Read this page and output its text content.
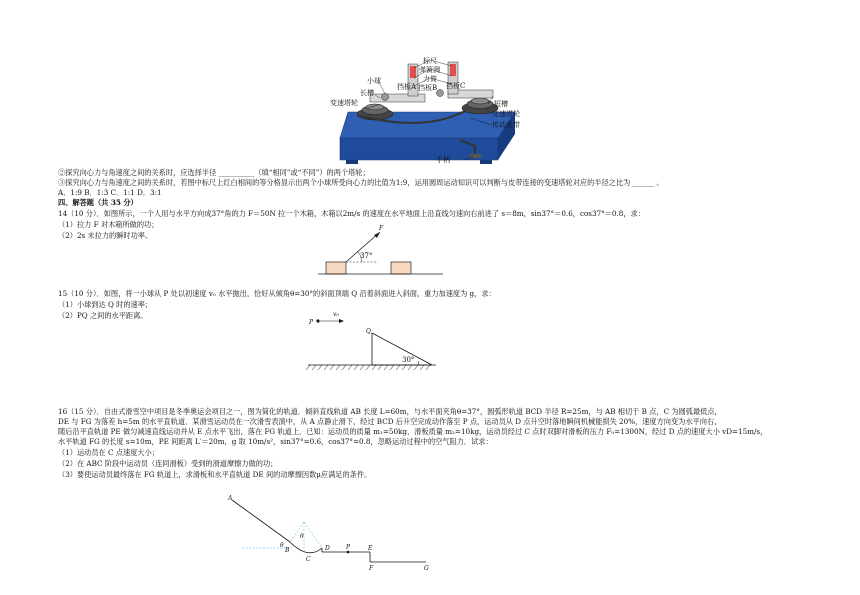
标尺
弹簧测
力筒
小球
挡板A 挡板B 挡板C
长槽
变速塔轮	短槽
变速塔轮
传动皮带
手柄
②探究向心力与角速度之间的关系时，应选择半径 __________（填“相同”或“不同”）的两个塔轮；
③探究向心力与角速度之间的关系时，若图中标尺上红白相间的等分格显示出两个小球所受向心力的比值为1:9，运用圆周运动知识可以判断与皮带连接的变速塔轮对应的半径之比为 ______ 。
A．1:9 B．1:3 C．1:1 D．3:1
四、解答题（共 35 分）
14（10 分）．如图所示，一个人用与水平方向成37°角的力 F＝50N 拉一个木箱，木箱以2m/s 的速度在水平地面上沿直线匀速向右前进了 s＝8m，sin37°＝0.6，cos37°＝0.8，求：
（1）拉力 F 对木箱所做的功；
（2）2s 末拉力的瞬时功率。
F
37°
15（10 分）．如图，将一小球从 P 处以初速度 v₀ 水平抛出，恰好从倾角θ=30°的斜面顶端 Q 沿着斜面进入斜面，重力加速度为 g，求：
（1）小球到达 Q 时的速率；
（2）PQ 之间的水平距离。
P
v₀
Q
30°
16（15 分）．自由式滑雪空中项目是冬季奥运会项目之一，图为简化的轨道．倾斜直线轨道 AB 长度 L=60m，与水平面夹角θ=37°，圆弧形轨道 BCD 半径 R=25m，与 AB 相切于 B 点，C 为圆弧最低点，
DE 与 FG 为落差 h=5m 的水平直轨道．某滑雪运动员在一次滑雪表演中，从 A 点静止滑下，经过 BCD 后升空完成动作落至 P 点，运动员从 D 点升空时落地瞬间机械能损失 20%，速度方向变为水平向右，
随后沿平直轨道 PE 做匀减速直线运动并从 E 点水平飞出，落在 FG 轨道上．已知：运动员的质量 m₁=50kg，滑板质量 m₂=10kg，运动员经过 C 点时双脚对滑板的压力 F₀=1300N，经过 D 点的速度大小 vD=15m/s，
水平轨道 FG 的长度 s=10m，PE 间距离 L′＝20m，g 取 10m/s²，sin37°=0.6，cos37°=0.8，忽略运动过程中的空气阻力．试求：
（1）运动员在 C 点速度大小；
（2）在 ABC 阶段中运动员（连同滑板）受到的滑道摩擦力做的功；
（3）要使运动员最终落在 FG 轨道上，求滑板和水平直轨道 DE 间的动摩擦因数μ应满足的条件。
A
θ
B
θ
C
D	P	E
F	G
